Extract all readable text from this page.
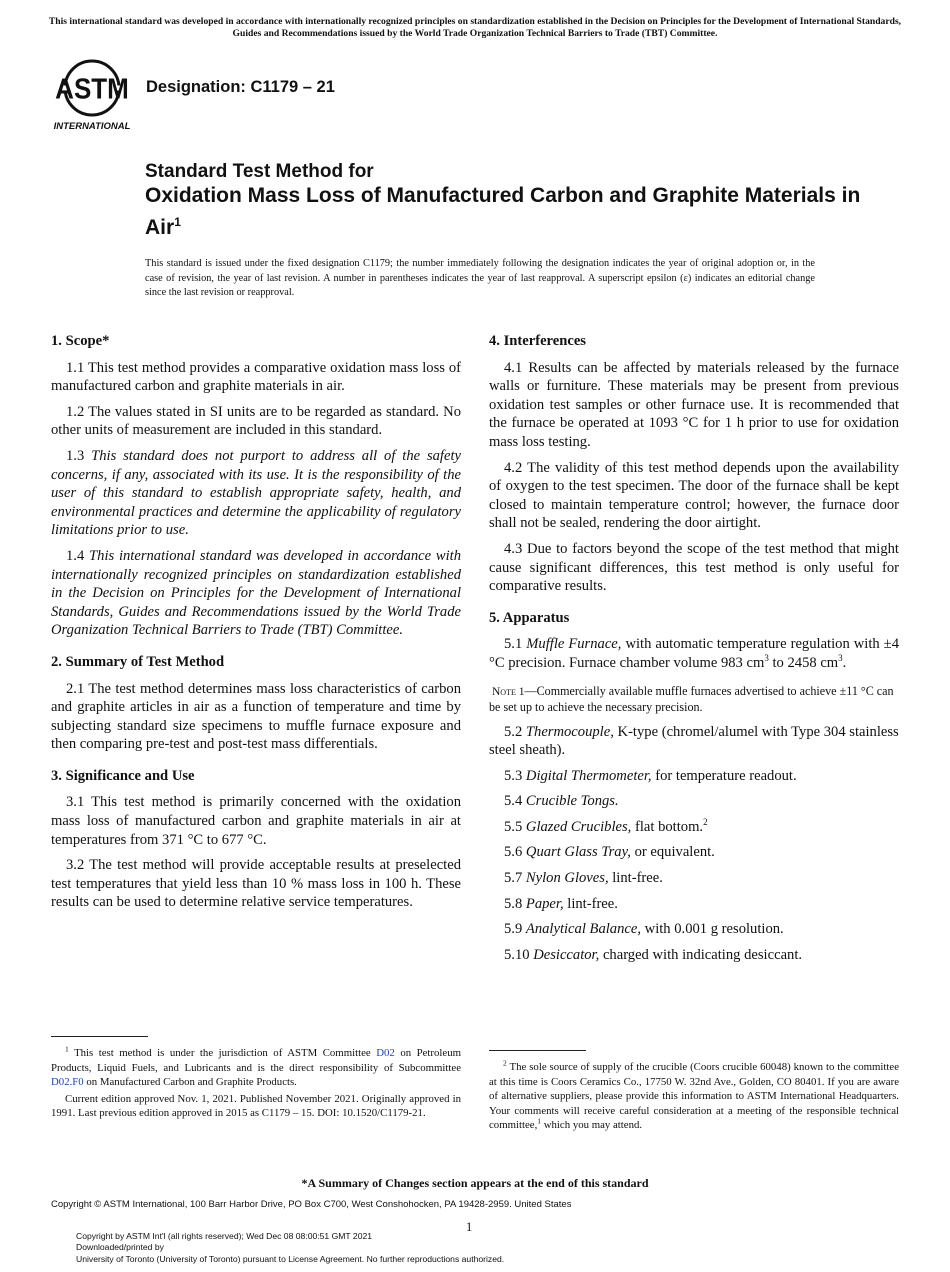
This international standard was developed in accordance with internationally recognized principles on standardization established in the Decision on Principles for the Development of International Standards, Guides and Recommendations issued by the World Trade Organization Technical Barriers to Trade (TBT) Committee.
ASTM
INTERNATIONAL
Designation: C1179 – 21
Standard Test Method for
Oxidation Mass Loss of Manufactured Carbon and Graphite Materials in Air$^1$
This standard is issued under the fixed designation C1179; the number immediately following the designation indicates the year of original adoption or, in the case of revision, the year of last revision. A number in parentheses indicates the year of last reapproval. A superscript epsilon (ε) indicates an editorial change since the last revision or reapproval.
1. Scope*

1.1 This test method provides a comparative oxidation mass loss of manufactured carbon and graphite materials in air.

1.2 The values stated in SI units are to be regarded as standard. No other units of measurement are included in this standard.

1.3 This standard does not purport to address all of the safety concerns, if any, associated with its use. It is the responsibility of the user of this standard to establish appropriate safety, health, and environmental practices and determine the applicability of regulatory limitations prior to use.

1.4 This international standard was developed in accordance with internationally recognized principles on standardization established in the Decision on Principles for the Development of International Standards, Guides and Recommendations issued by the World Trade Organization Technical Barriers to Trade (TBT) Committee.

2. Summary of Test Method

2.1 The test method determines mass loss characteristics of carbon and graphite articles in air as a function of temperature and time by subjecting standard size specimens to muffle furnace exposure and then comparing pre-test and post-test mass differentials.

3. Significance and Use

3.1 This test method is primarily concerned with the oxidation mass loss of manufactured carbon and graphite materials in air at temperatures from 371 °C to 677 °C.

3.2 The test method will provide acceptable results at preselected test temperatures that yield less than 10 % mass loss in 100 h. These results can be used to determine relative service temperatures.

4. Interferences

4.1 Results can be affected by materials released by the furnace walls or furniture. These materials may be present from previous oxidation test samples or other furnace use. It is recommended that the furnace be operated at 1093 °C for 1 h prior to use for oxidation mass loss testing.

4.2 The validity of this test method depends upon the availability of oxygen to the test specimen. The door of the furnace shall be kept closed to maintain temperature control; however, the furnace door shall not be sealed, rendering the door airtight.

4.3 Due to factors beyond the scope of the test method that might cause significant differences, this test method is only useful for comparative results.

5. Apparatus

5.1 Muffle Furnace, with automatic temperature regulation with ±4 °C precision. Furnace chamber volume 983 $cm^3$ to 2458 $cm^3$.

Note 1—Commercially available muffle furnaces advertised to achieve ±11 °C can be set up to achieve the necessary precision.

5.2 Thermocouple, K-type (chromel/alumel with Type 304 stainless steel sheath).

5.3 Digital Thermometer, for temperature readout.

5.4 Crucible Tongs.

5.5 Glazed Crucibles, flat bottom.$^2$

5.6 Quart Glass Tray, or equivalent.

5.7 Nylon Gloves, lint-free.

5.8 Paper, lint-free.

5.9 Analytical Balance, with 0.001 g resolution.

5.10 Desiccator, charged with indicating desiccant.

$^1$ This test method is under the jurisdiction of ASTM Committee D02 on Petroleum Products, Liquid Fuels, and Lubricants and is the direct responsibility of Subcommittee D02.F0 on Manufactured Carbon and Graphite Products.

Current edition approved Nov. 1, 2021. Published November 2021. Originally approved in 1991. Last previous edition approved in 2015 as C1179 – 15. DOI: 10.1520/C1179-21.

$^2$ The sole source of supply of the crucible (Coors crucible 60048) known to the committee at this time is Coors Ceramics Co., 17750 W. 32nd Ave., Golden, CO 80401. If you are aware of alternative suppliers, please provide this information to ASTM International Headquarters. Your comments will receive careful consideration at a meeting of the responsible technical committee,$^1$ which you may attend.

*A Summary of Changes section appears at the end of this standard
Copyright © ASTM International, 100 Barr Harbor Drive, PO Box C700, West Conshohocken, PA 19428-2959. United States
1
Copyright by ASTM Int'l (all rights reserved); Wed Dec 08 08:00:51 GMT 2021
Downloaded/printed by
University of Toronto (University of Toronto) pursuant to License Agreement. No further reproductions authorized.
